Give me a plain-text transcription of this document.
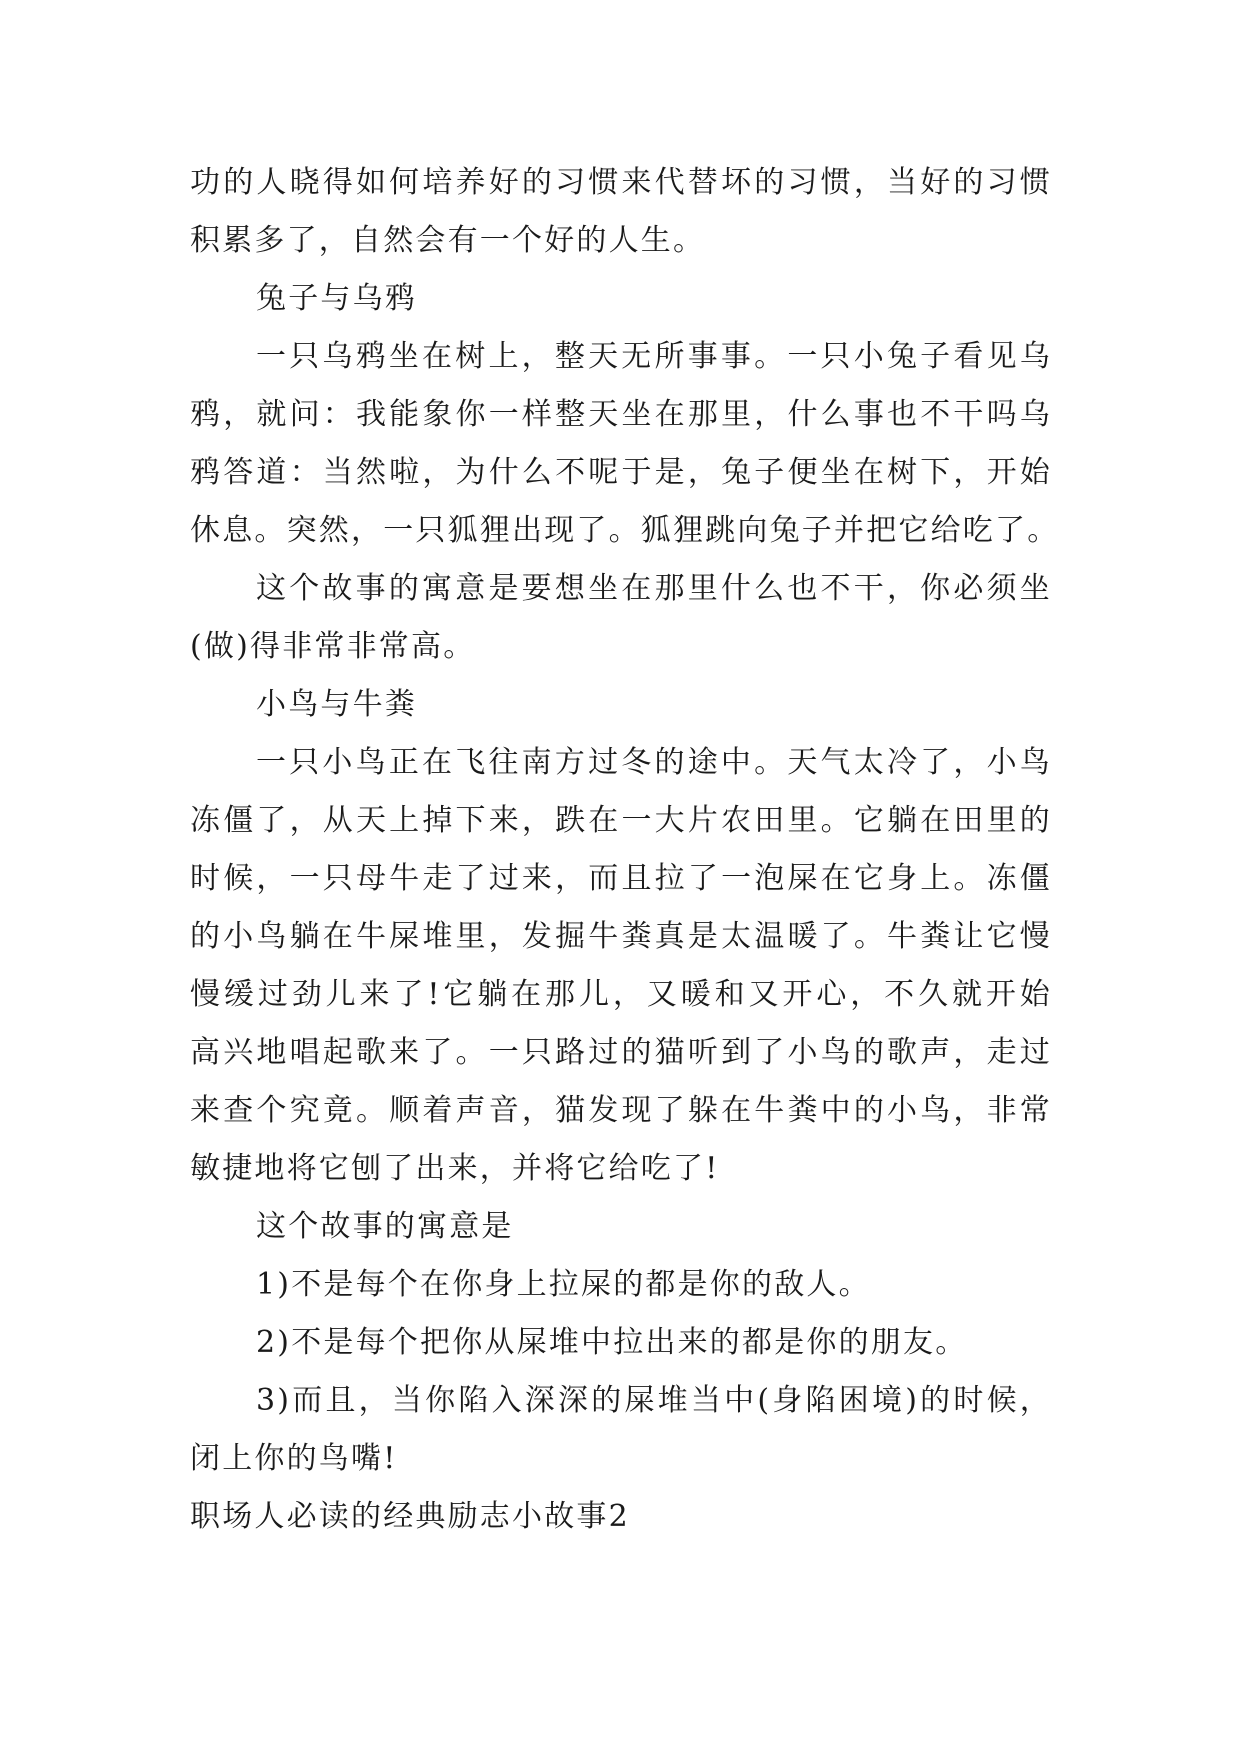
功的人晓得如何培养好的习惯来代替坏的习惯，当好的习惯
积累多了，自然会有一个好的人生。
兔子与乌鸦
一只乌鸦坐在树上，整天无所事事。一只小兔子看见乌
鸦，就问：我能象你一样整天坐在那里，什么事也不干吗乌
鸦答道：当然啦，为什么不呢于是，兔子便坐在树下，开始
休息。突然，一只狐狸出现了。狐狸跳向兔子并把它给吃了。
这个故事的寓意是要想坐在那里什么也不干，你必须坐
(做)得非常非常高。
小鸟与牛粪
一只小鸟正在飞往南方过冬的途中。天气太冷了，小鸟
冻僵了，从天上掉下来，跌在一大片农田里。它躺在田里的
时候，一只母牛走了过来，而且拉了一泡屎在它身上。冻僵
的小鸟躺在牛屎堆里，发掘牛粪真是太温暖了。牛粪让它慢
慢缓过劲儿来了!它躺在那儿，又暖和又开心，不久就开始
高兴地唱起歌来了。一只路过的猫听到了小鸟的歌声，走过
来查个究竟。顺着声音，猫发现了躲在牛粪中的小鸟，非常
敏捷地将它刨了出来，并将它给吃了!
这个故事的寓意是
1)不是每个在你身上拉屎的都是你的敌人。
2)不是每个把你从屎堆中拉出来的都是你的朋友。
3)而且，当你陷入深深的屎堆当中(身陷困境)的时候，
闭上你的鸟嘴!
职场人必读的经典励志小故事2
